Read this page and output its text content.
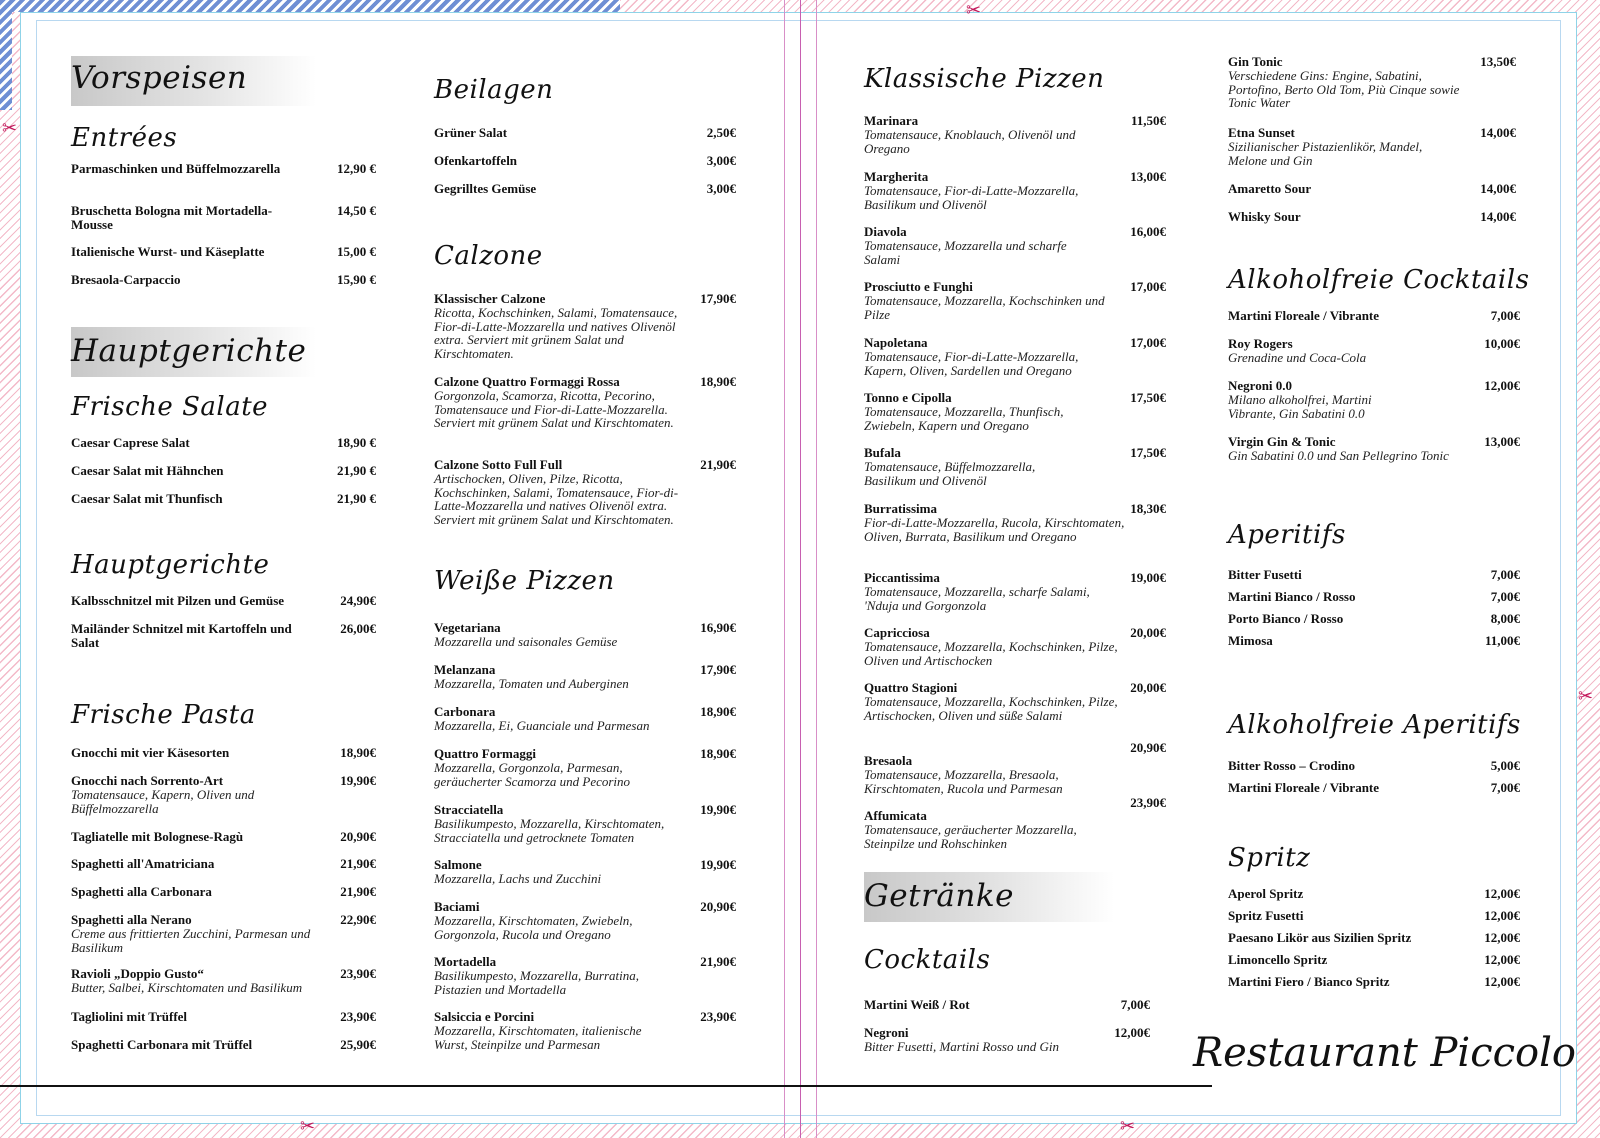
✂
✂	✂
✂
✂
Vorspeisen
Entrées
Parmaschinken und Büffelmozzarella	12,90 €
Bruschetta Bologna mit Mortadella-Mousse
14,50 €
Italienische Wurst- und Käseplatte	15,00 €
Bresaola-Carpaccio	15,90 €
Hauptgerichte
Frische Salate
Caesar Caprese Salat	18,90 €
Caesar Salat mit Hähnchen	21,90 €
Caesar Salat mit Thunfisch	21,90 €
Hauptgerichte
Kalbsschnitzel mit Pilzen und Gemüse	24,90€
Mailänder Schnitzel mit Kartoffeln und Salat
26,00€
Frische Pasta
Gnocchi mit vier Käsesorten	18,90€
Gnocchi nach Sorrento-Art
Tomatensauce, Kapern, Oliven und Büffelmozzarella
19,90€
Tagliatelle mit Bolognese-Ragù	20,90€
Spaghetti all'Amatriciana	21,90€
Spaghetti alla Carbonara	21,90€
Spaghetti alla Nerano
Creme aus frittierten Zucchini, Parmesan und Basilikum
22,90€
Ravioli „Doppio Gusto“
Butter, Salbei, Kirschtomaten und Basilikum
23,90€
Tagliolini mit Trüffel	23,90€
Spaghetti Carbonara mit Trüffel	25,90€
Beilagen
Grüner Salat	2,50€
Ofenkartoffeln	3,00€
Gegrilltes Gemüse	3,00€
Calzone
Klassischer Calzone
Ricotta, Kochschinken, Salami, Tomatensauce, Fior-di-Latte-Mozzarella und natives Olivenöl extra. Serviert mit grünem Salat und Kirschtomaten.
17,90€
Calzone Quattro Formaggi Rossa
Gorgonzola, Scamorza, Ricotta, Pecorino, Tomatensauce und Fior-di-Latte-Mozzarella. Serviert mit grünem Salat und Kirschtomaten.
18,90€
Calzone Sotto Full Full
Artischocken, Oliven, Pilze, Ricotta, Kochschinken, Salami, Tomatensauce, Fior-di-Latte-Mozzarella und natives Olivenöl extra. Serviert mit grünem Salat und Kirschtomaten.
21,90€
Weiße Pizzen
Vegetariana
Mozzarella und saisonales Gemüse
16,90€
Melanzana
Mozzarella, Tomaten und Auberginen
17,90€
Carbonara
Mozzarella, Ei, Guanciale und Parmesan
18,90€
Quattro Formaggi
Mozzarella, Gorgonzola, Parmesan, geräucherter Scamorza und Pecorino
18,90€
Stracciatella
Basilikumpesto, Mozzarella, Kirschtomaten, Stracciatella und getrocknete Tomaten
19,90€
Salmone
Mozzarella, Lachs und Zucchini
19,90€
Baciami
Mozzarella, Kirschtomaten, Zwiebeln, Gorgonzola, Rucola und Oregano
20,90€
Mortadella
Basilikumpesto, Mozzarella, Burratina, Pistazien und Mortadella
21,90€
Salsiccia e Porcini
Mozzarella, Kirschtomaten, italienische Wurst, Steinpilze und Parmesan
23,90€
Klassische Pizzen
Marinara
Tomatensauce, Knoblauch, Olivenöl und Oregano
11,50€
Margherita
Tomatensauce, Fior-di-Latte-Mozzarella, Basilikum und Olivenöl
13,00€
Diavola
Tomatensauce, Mozzarella und scharfe Salami
16,00€
Prosciutto e Funghi
Tomatensauce, Mozzarella, Kochschinken und Pilze
17,00€
Napoletana
Tomatensauce, Fior-di-Latte-Mozzarella, Kapern, Oliven, Sardellen und Oregano
17,00€
Tonno e Cipolla
Tomatensauce, Mozzarella, Thunfisch, Zwiebeln, Kapern und Oregano
17,50€
Bufala
Tomatensauce, Büffelmozzarella, Basilikum und Olivenöl
17,50€
Burratissima
Fior-di-Latte-Mozzarella, Rucola, Kirschtomaten, Oliven, Burrata, Basilikum und Oregano
18,30€
Piccantissima
Tomatensauce, Mozzarella, scharfe Salami, 'Nduja und Gorgonzola
19,00€
Capricciosa
Tomatensauce, Mozzarella, Kochschinken, Pilze, Oliven und Artischocken
20,00€
Quattro Stagioni
Tomatensauce, Mozzarella, Kochschinken, Pilze, Artischocken, Oliven und süße Salami
20,00€
Bresaola
Tomatensauce, Mozzarella, Bresaola, Kirschtomaten, Rucola und Parmesan
20,90€
Affumicata
Tomatensauce, geräucherter Mozzarella, Steinpilze und Rohschinken
23,90€
Getränke
Cocktails
Martini Weiß / Rot	7,00€
Negroni
Bitter Fusetti, Martini Rosso und Gin
12,00€
Gin Tonic
Verschiedene Gins: Engine, Sabatini, Portofino, Berto Old Tom, Più Cinque sowie Tonic Water
13,50€
Etna Sunset
Sizilianischer Pistazienlikör, Mandel, Melone und Gin
14,00€
Amaretto Sour	14,00€
Whisky Sour	14,00€
Alkoholfreie Cocktails
Martini Floreale / Vibrante	7,00€
Roy Rogers
Grenadine und Coca-Cola
10,00€
Negroni 0.0
Milano alkoholfrei, Martini Vibrante, Gin Sabatini 0.0
12,00€
Virgin Gin & Tonic
Gin Sabatini 0.0 und San Pellegrino Tonic
13,00€
Aperitifs
Bitter Fusetti	7,00€
Martini Bianco / Rosso	7,00€
Porto Bianco / Rosso	8,00€
Mimosa	11,00€
Alkoholfreie Aperitifs
Bitter Rosso – Crodino	5,00€
Martini Floreale / Vibrante	7,00€
Spritz
Aperol Spritz	12,00€
Spritz Fusetti	12,00€
Paesano Likör aus Sizilien Spritz	12,00€
Limoncello Spritz	12,00€
Martini Fiero / Bianco Spritz	12,00€
Restaurant Piccolo
